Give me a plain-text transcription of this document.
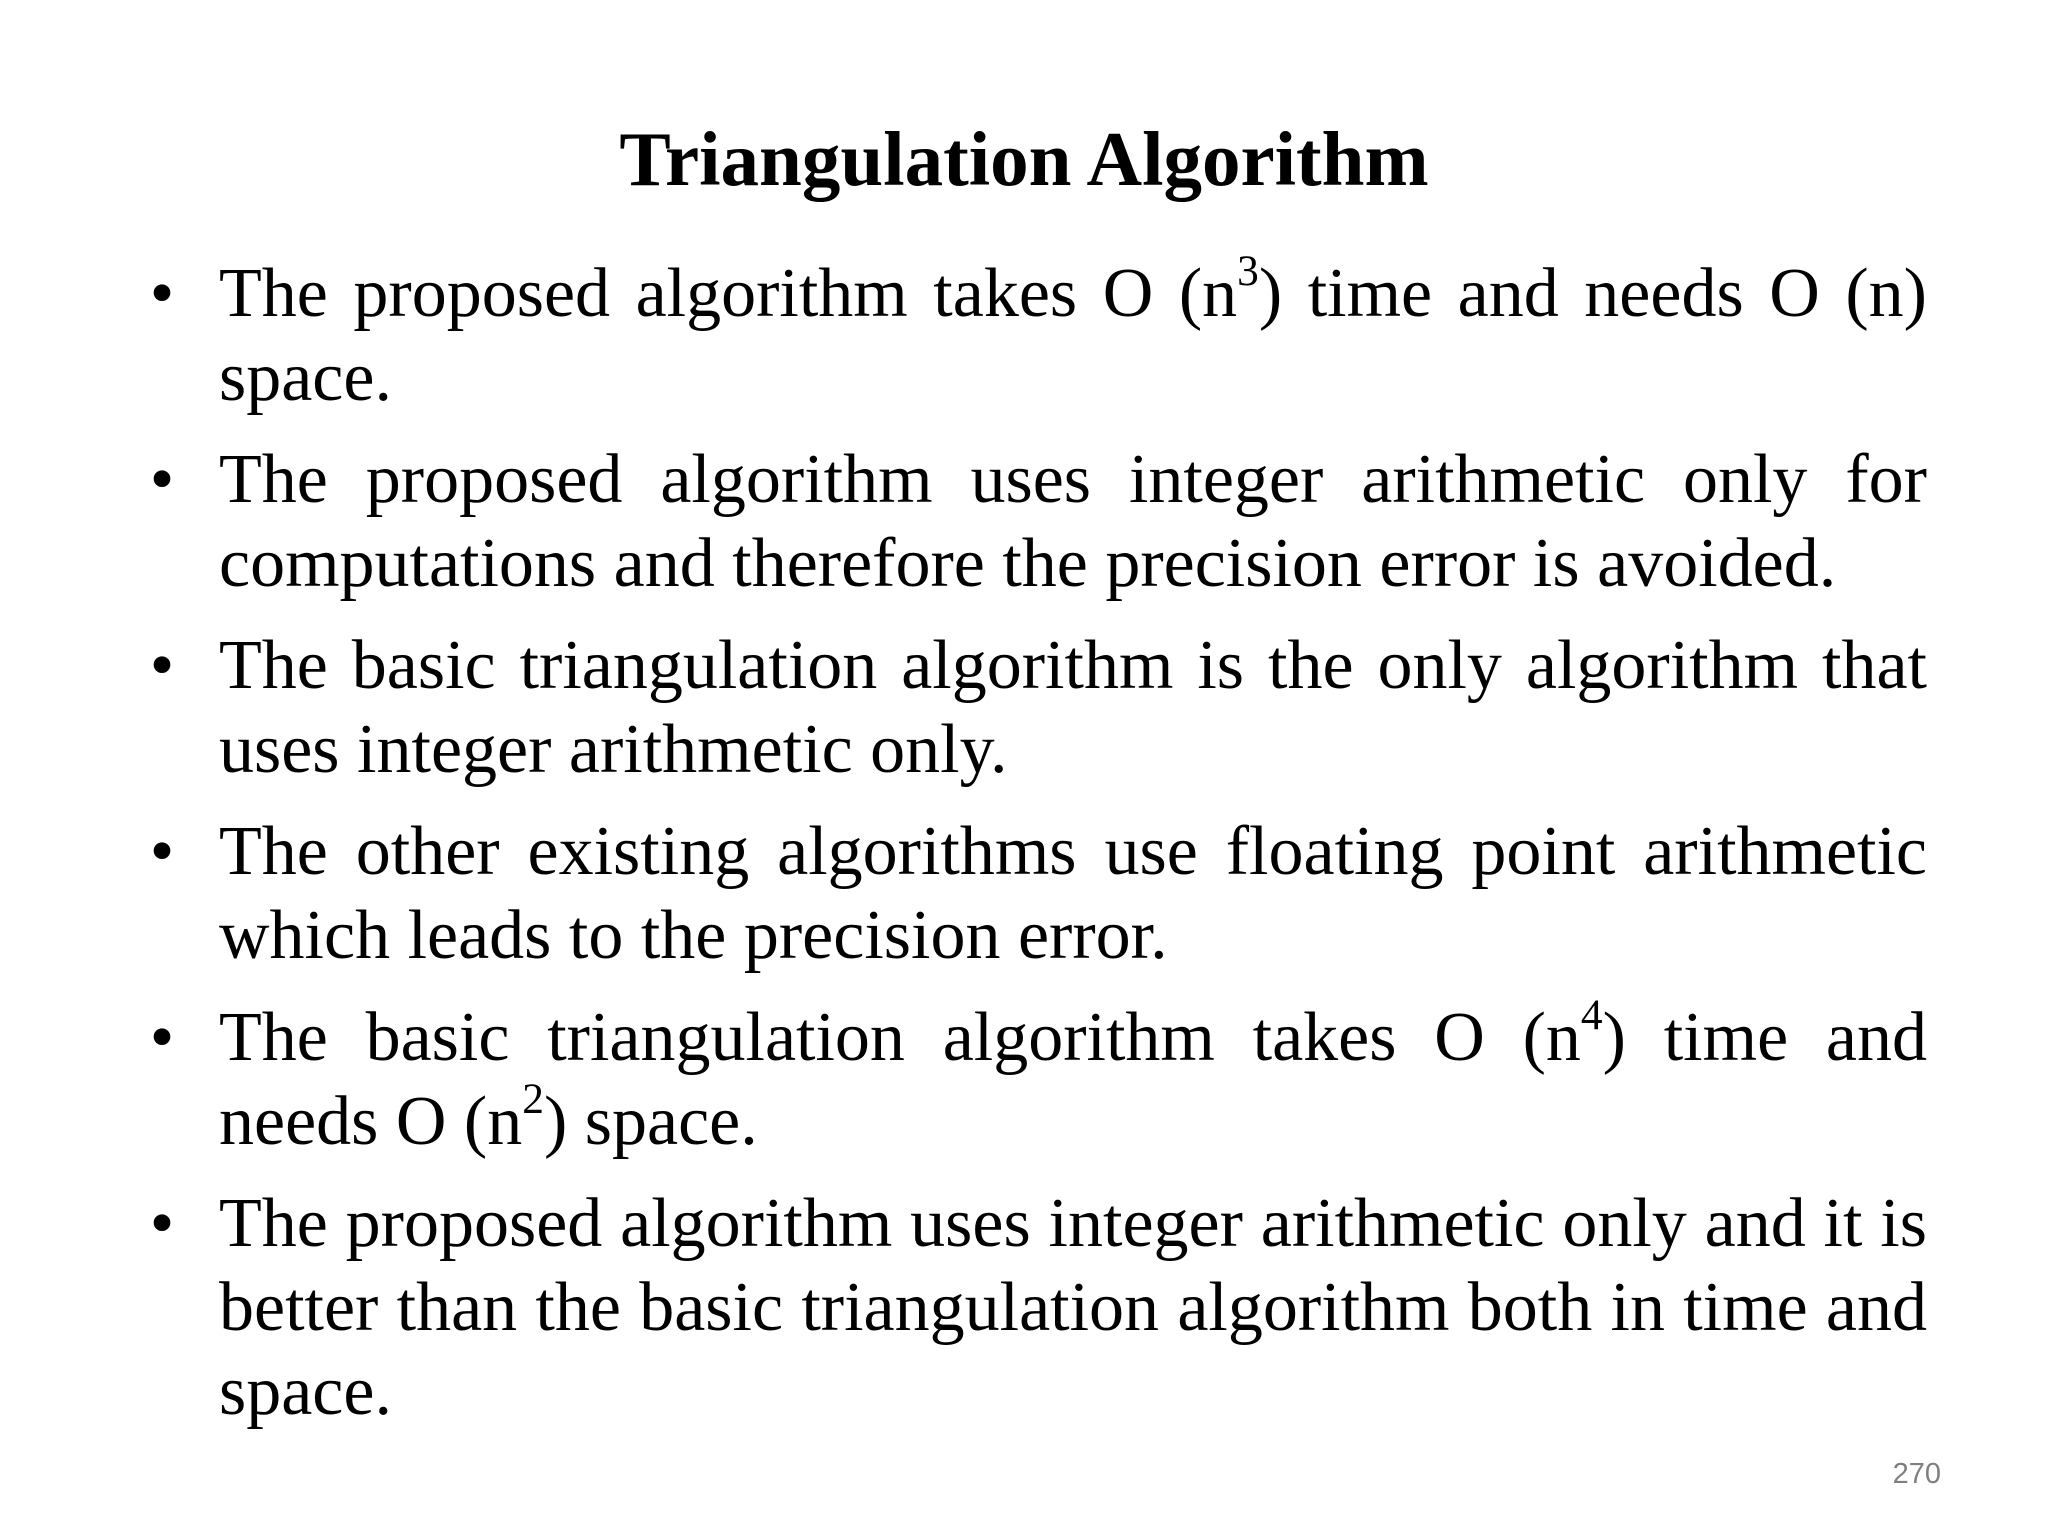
Triangulation Algorithm
• The proposed algorithm takes O $(n^3)$ time and needs O (n) space.
• The proposed algorithm uses integer arithmetic only for computations and therefore the precision error is avoided.
• The basic triangulation algorithm is the only algorithm that uses integer arithmetic only.
• The other existing algorithms use floating point arithmetic which leads to the precision error.
• The basic triangulation algorithm takes O $(n^4)$ time and needs O $(n^2)$ space.
• The proposed algorithm uses integer arithmetic only and it is better than the basic triangulation algorithm both in time and space.
270
